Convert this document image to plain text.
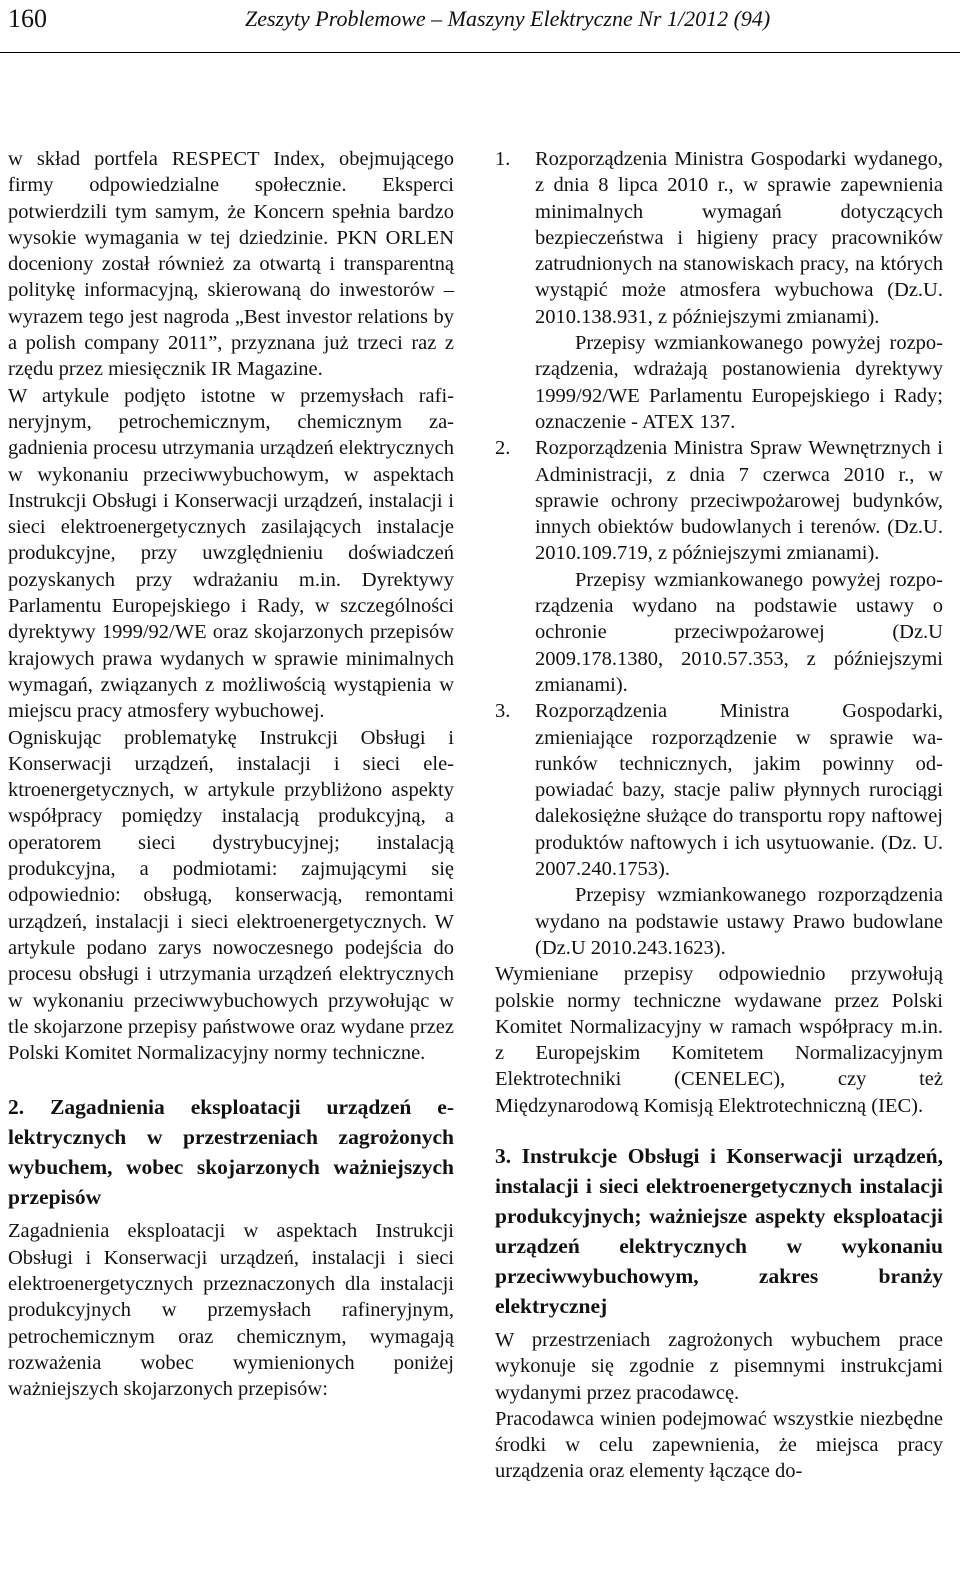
160	Zeszyty Problemowe – Maszyny Elektryczne Nr 1/2012 (94)

w skład portfela RESPECT Index, obejmującego firmy odpowiedzialne społecznie. Eksperci potwierdzili tym samym, że Koncern spełnia bardzo wysokie wymagania w tej dziedzinie. PKN ORLEN doceniony został również za otwartą i transparentną politykę informacyjną, skierowaną do inwestorów – wyrazem tego jest nagroda „Best investor relations by a polish company 2011”, przyznana już trzeci raz z rzędu przez miesięcznik IR Magazine.

W artykule podjęto istotne w przemysłach rafineryjnym, petrochemicznym, chemicznym zagadnienia procesu utrzymania urządzeń elektrycznych w wykonaniu przeciwwybuchowym, w aspektach Instrukcji Obsługi i Konserwacji urządzeń, instalacji i sieci elektroenergetycznych zasilających instalacje produkcyjne, przy uwzględnieniu doświadczeń pozyskanych przy wdrażaniu m.in. Dyrektywy Parlamentu Europejskiego i Rady, w szczególności dyrektywy 1999/92/WE oraz skojarzonych przepisów krajowych prawa wydanych w sprawie minimalnych wymagań, związanych z możliwością wystąpienia w miejscu pracy atmosfery wybuchowej.

Ogniskując problematykę Instrukcji Obsługi i Konserwacji urządzeń, instalacji i sieci elektroenergetycznych, w artykule przybliżono aspekty współpracy pomiędzy instalacją produkcyjną, a operatorem sieci dystrybucyjnej; instalacją produkcyjna, a podmiotami: zajmującymi się odpowiednio: obsługą, konserwacją, remontami urządzeń, instalacji i sieci elektroenergetycznych. W artykule podano zarys nowoczesnego podejścia do procesu obsługi i utrzymania urządzeń elektrycznych w wykonaniu przeciwwybuchowych przywołując w tle skojarzone przepisy państwowe oraz wydane przez Polski Komitet Normalizacyjny normy techniczne.

2. Zagadnienia eksploatacji urządzeń elektrycznych w przestrzeniach zagrożonych wybuchem, wobec skojarzonych ważniejszych przepisów

Zagadnienia eksploatacji w aspektach Instrukcji Obsługi i Konserwacji urządzeń, instalacji i sieci elektroenergetycznych przeznaczonych dla instalacji produkcyjnych w przemysłach rafineryjnym, petrochemicznym oraz chemicznym, wymagają rozważenia wobec wymienionych poniżej ważniejszych skojarzonych przepisów:

1. Rozporządzenia Ministra Gospodarki wydanego, z dnia 8 lipca 2010 r., w sprawie zapewnienia minimalnych wymagań dotyczących bezpieczeństwa i higieny pracy pracowników zatrudnionych na stanowiskach pracy, na których wystąpić może atmosfera wybuchowa (Dz.U. 2010.138.931, z późniejszymi zmianami).

Przepisy wzmiankowanego powyżej rozporządzenia, wdrażają postanowienia dyrektywy 1999/92/WE Parlamentu Europejskiego i Rady; oznaczenie - ATEX 137.

2. Rozporządzenia Ministra Spraw Wewnętrznych i Administracji, z dnia 7 czerwca 2010 r., w sprawie ochrony przeciwpożarowej budynków, innych obiektów budowlanych i terenów. (Dz.U. 2010.109.719, z późniejszymi zmianami).

Przepisy wzmiankowanego powyżej rozporządzenia wydano na podstawie ustawy o ochronie przeciwpożarowej (Dz.U 2009.178.1380, 2010.57.353, z późniejszymi zmianami).

3. Rozporządzenia Ministra Gospodarki, zmieniające rozporządzenie w sprawie warunków technicznych, jakim powinny odpowiadać bazy, stacje paliw płynnych rurociągi dalekosiężne służące do transportu ropy naftowej produktów naftowych i ich usytuowanie. (Dz. U. 2007.240.1753).

Przepisy wzmiankowanego rozporządzenia wydano na podstawie ustawy Prawo budowlane (Dz.U 2010.243.1623).

Wymieniane przepisy odpowiednio przywołują polskie normy techniczne wydawane przez Polski Komitet Normalizacyjny w ramach współpracy m.in. z Europejskim Komitetem Normalizacyjnym Elektrotechniki (CENELEC), czy też Międzynarodową Komisją Elektrotechniczną (IEC).

3. Instrukcje Obsługi i Konserwacji urządzeń, instalacji i sieci elektroenergetycznych instalacji produkcyjnych; ważniejsze aspekty eksploatacji urządzeń elektrycznych w wykonaniu przeciwwybuchowym, zakres branży elektrycznej

W przestrzeniach zagrożonych wybuchem prace wykonuje się zgodnie z pisemnymi instrukcjami wydanymi przez pracodawcę.

Pracodawca winien podejmować wszystkie niezbędne środki w celu zapewnienia, że miejsca pracy urządzenia oraz elementy łączące do-
